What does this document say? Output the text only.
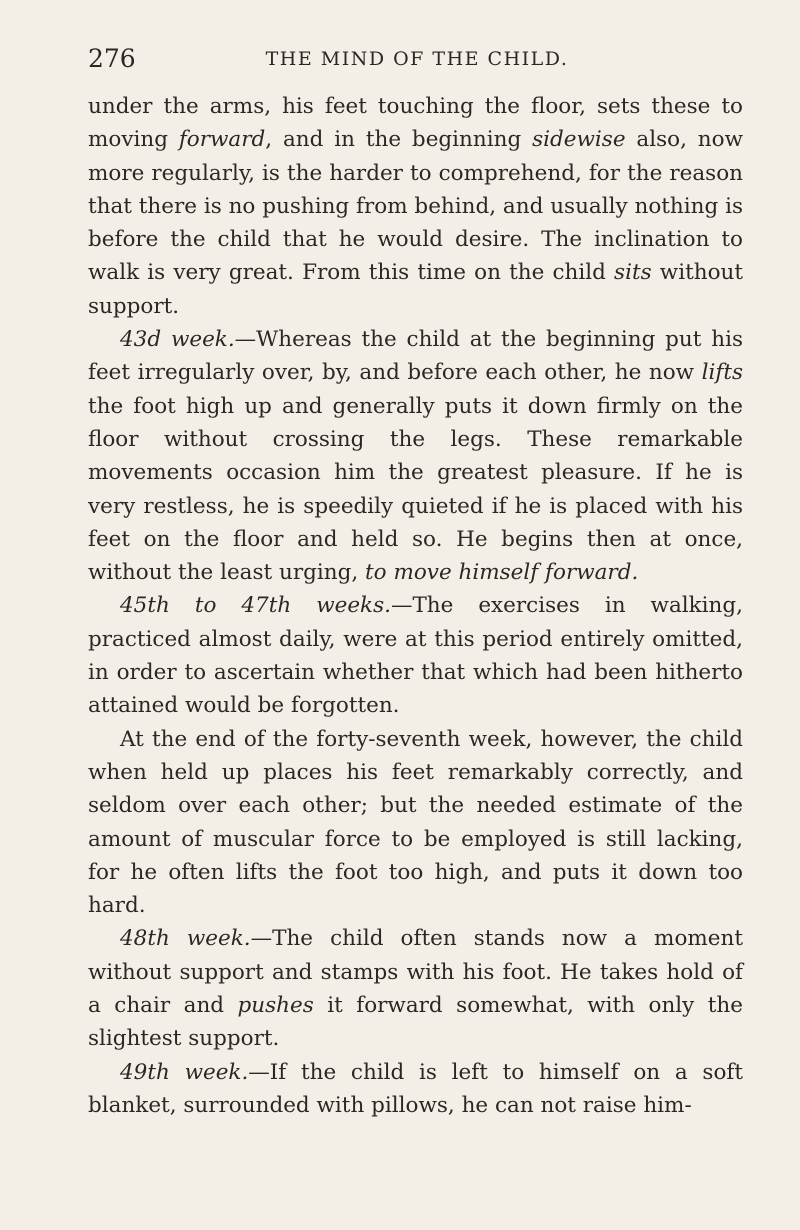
276	THE MIND OF THE CHILD.

under the arms, his feet touching the floor, sets these to moving forward, and in the beginning sidewise also, now more regularly, is the harder to comprehend, for the reason that there is no pushing from behind, and usually nothing is before the child that he would desire. The inclination to walk is very great. From this time on the child sits without support.

43d week.—Whereas the child at the beginning put his feet irregularly over, by, and before each other, he now lifts the foot high up and generally puts it down firmly on the floor without crossing the legs. These remarkable movements occasion him the greatest pleasure. If he is very restless, he is speedily quieted if he is placed with his feet on the floor and held so. He begins then at once, without the least urging, to move himself forward.

45th to 47th weeks.—The exercises in walking, practiced almost daily, were at this period entirely omitted, in order to ascertain whether that which had been hitherto attained would be forgotten.

At the end of the forty-seventh week, however, the child when held up places his feet remarkably correctly, and seldom over each other; but the needed estimate of the amount of muscular force to be employed is still lacking, for he often lifts the foot too high, and puts it down too hard.

48th week.—The child often stands now a moment without support and stamps with his foot. He takes hold of a chair and pushes it forward somewhat, with only the slightest support.

49th week.—If the child is left to himself on a soft blanket, surrounded with pillows, he can not raise him-
